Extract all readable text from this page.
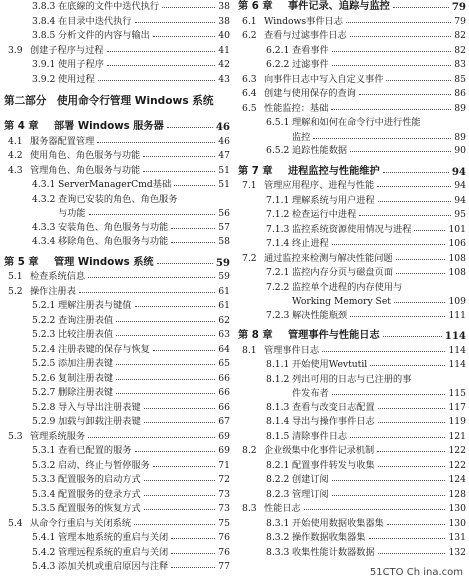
3.8.3 在底線的文件中迭代执行	38
3.8.4 在目录中迭代执行	38
3.8.5 分析文件的内容与输出	40
3.9 创建子程序与过程	41
3.9.1 使用子程序	42
3.9.2 使用过程	43
第二部分　使用命令行管理 Windows 系统
第 4 章 部署 Windows 服务器	46
4.1 服务器配置管理	46
4.2 使用角色、角色服务与功能	47
4.3 管理角色、角色服务与功能	51
4.3.1 ServerManagerCmd基础	51
4.3.2 查询已安装的角色、角色服务
与功能	56
4.3.3 安装角色、角色服务与功能	57
4.3.4 移除角色、角色服务与功能	58
第 5 章 管理 Windows 系统	59
5.1 检查系统信息	59
5.2 操作注册表	61
5.2.1 理解注册表与键值	61
5.2.2 查询注册表值	62
5.2.3 比较注册表值	63
5.2.4 注册表键的保存与恢复	64
5.2.5 添加注册表键	65
5.2.6 复制注册表键	66
5.2.7 删除注册表键	66
5.2.8 导入与导出注册表键	66
5.2.9 加载与卸载注册表键	67
5.3 管理系统服务	69
5.3.1 查看已配置的服务	69
5.3.2 启动、终止与暂停服务	71
5.3.3 配置服务的启动方式	72
5.3.4 配置服务的登录方式	73
5.3.5 配置服务的恢复方式	73
5.4 从命令行重启与关闭系统	75
5.4.1 管理本地系统的重启与关闭	76
5.4.2 管理远程系统的重启与关闭	76
5.4.3 添加关机或重启原因与注释	77
第 6 章 事件记录、追踪与监控	79
6.1 Windows事件日志	79
6.2 查看与过滤事件日志	82
6.2.1 查看事件	82
6.2.2 过滤事件	83
6.3 向事件日志中写入自定义事件	85
6.4 创建与使用保存的查询	86
6.5 性能监控：基础	89
6.5.1 理解和如何在命令行中进行性能
监控	89
6.5.2 追踪性能数据	90
第 7 章 进程监控与性能维护	94
7.1 管理应用程序、进程与性能	94
7.1.1 理解系统与用户进程	94
7.1.2 检查运行中进程	95
7.1.3 监控系统资源使用情况与进程	101
7.1.4 终止进程	106
7.2 通过监控来检测与解决性能问题	108
7.2.1 监控内存分页与磁盘页面	108
7.2.2 监控单个进程的内存使用与
Working Memory Set	109
7.2.3 解决性能瓶颈	111
第 8 章 管理事件与性能日志	114
8.1 管理事件日志	114
8.1.1 开始使用Wevtutil	114
8.1.2 列出可用的日志与已注册的事
件发布者	115
8.1.3 查看与改变日志配置	117
8.1.4 导出与操作事件日志	119
8.1.5 清除事件日志	121
8.2 企业级集中化事件记录机制	122
8.2.1 配置事件转发与收集	122
8.2.2 创建订阅	124
8.2.3 管理订阅	128
8.3 性能日志	130
8.3.1 开始使用数据收集器集	130
8.3.2 操作数据收集器集	131
8.3.3 收集性能计数器数据	132
51CTO Ch ina.com
